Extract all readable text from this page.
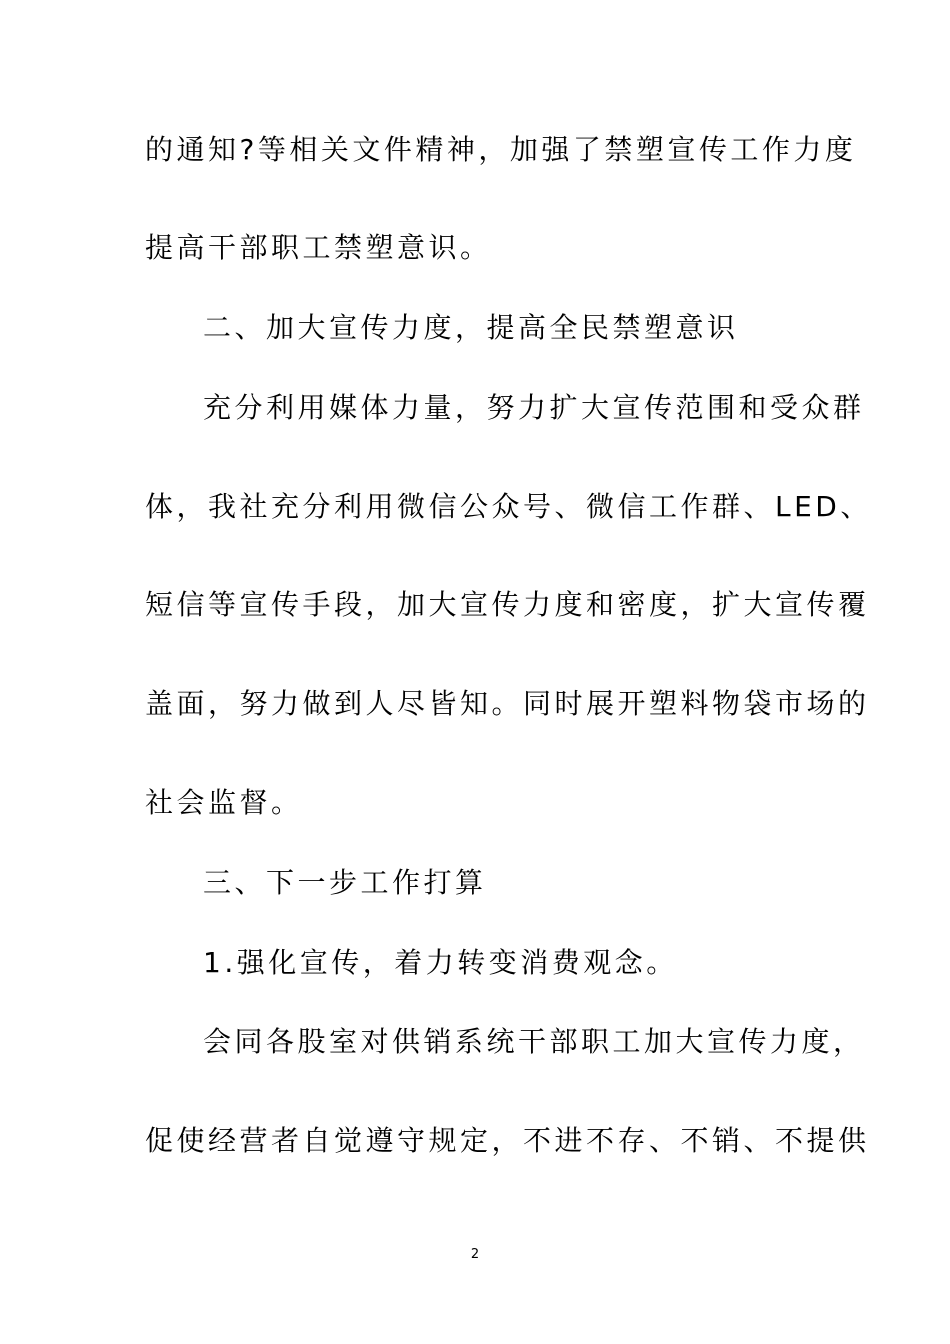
的通知?等相关文件精神，加强了禁塑宣传工作力度
提高干部职工禁塑意识。
二、加大宣传力度，提高全民禁塑意识
充分利用媒体力量，努力扩大宣传范围和受众群
体，我社充分利用微信公众号、微信工作群、LED、
短信等宣传手段，加大宣传力度和密度，扩大宣传覆
盖面，努力做到人尽皆知。同时展开塑料物袋市场的
社会监督。
三、下一步工作打算
1.强化宣传，着力转变消费观念。
会同各股室对供销系统干部职工加大宣传力度，
促使经营者自觉遵守规定，不进不存、不销、不提供
2
